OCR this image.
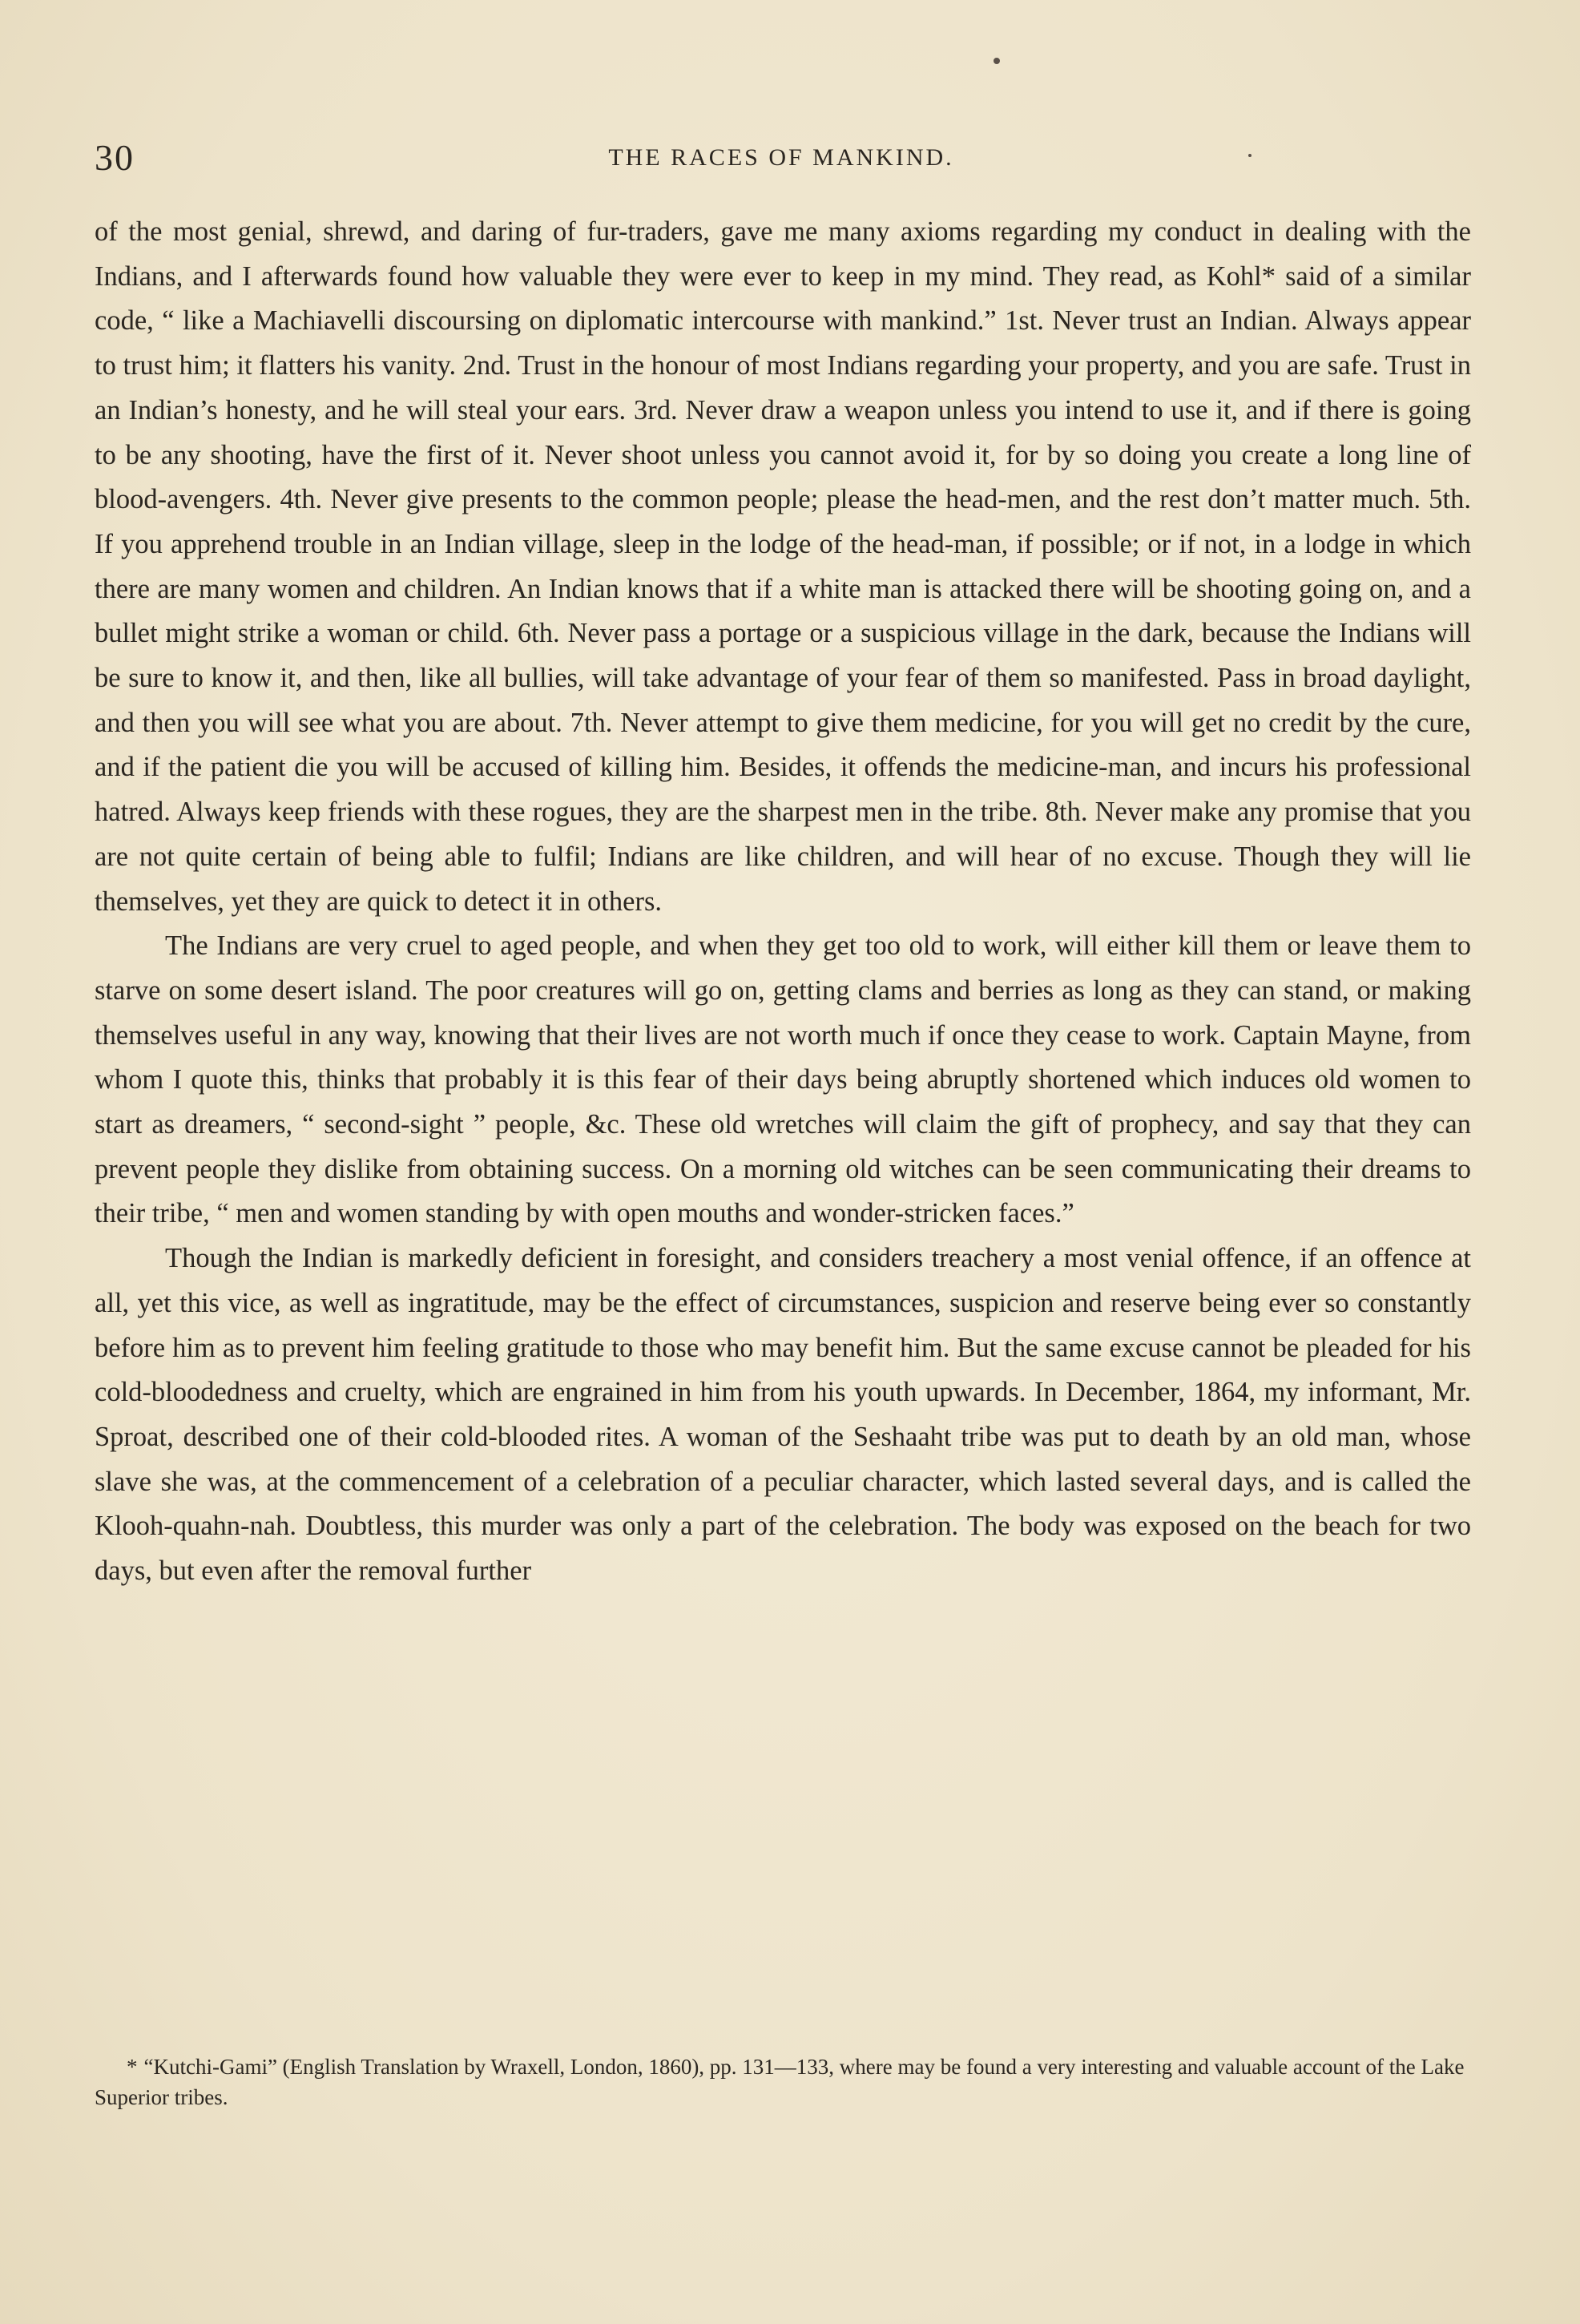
30	THE RACES OF MANKIND.

of the most genial, shrewd, and daring of fur-traders, gave me many axioms regarding my conduct in dealing with the Indians, and I afterwards found how valuable they were ever to keep in my mind. They read, as Kohl* said of a similar code, “ like a Machiavelli discoursing on diplomatic intercourse with mankind.” 1st. Never trust an Indian. Always appear to trust him; it flatters his vanity. 2nd. Trust in the honour of most Indians regarding your property, and you are safe. Trust in an Indian’s honesty, and he will steal your ears. 3rd. Never draw a weapon unless you intend to use it, and if there is going to be any shooting, have the first of it. Never shoot unless you cannot avoid it, for by so doing you create a long line of blood-avengers. 4th. Never give presents to the common people; please the head-men, and the rest don’t matter much. 5th. If you apprehend trouble in an Indian village, sleep in the lodge of the head-man, if possible; or if not, in a lodge in which there are many women and children. An Indian knows that if a white man is attacked there will be shooting going on, and a bullet might strike a woman or child. 6th. Never pass a portage or a suspicious village in the dark, because the Indians will be sure to know it, and then, like all bullies, will take advantage of your fear of them so manifested. Pass in broad daylight, and then you will see what you are about. 7th. Never attempt to give them medicine, for you will get no credit by the cure, and if the patient die you will be accused of killing him. Besides, it offends the medicine-man, and incurs his professional hatred. Always keep friends with these rogues, they are the sharpest men in the tribe. 8th. Never make any promise that you are not quite certain of being able to fulfil; Indians are like children, and will hear of no excuse. Though they will lie themselves, yet they are quick to detect it in others.

The Indians are very cruel to aged people, and when they get too old to work, will either kill them or leave them to starve on some desert island. The poor creatures will go on, getting clams and berries as long as they can stand, or making themselves useful in any way, knowing that their lives are not worth much if once they cease to work. Captain Mayne, from whom I quote this, thinks that probably it is this fear of their days being abruptly shortened which induces old women to start as dreamers, “ second-sight ” people, &c. These old wretches will claim the gift of prophecy, and say that they can prevent people they dislike from obtaining success. On a morning old witches can be seen communicating their dreams to their tribe, “ men and women standing by with open mouths and wonder-stricken faces.”

Though the Indian is markedly deficient in foresight, and considers treachery a most venial offence, if an offence at all, yet this vice, as well as ingratitude, may be the effect of circumstances, suspicion and reserve being ever so constantly before him as to prevent him feeling gratitude to those who may benefit him. But the same excuse cannot be pleaded for his cold-bloodedness and cruelty, which are engrained in him from his youth upwards. In December, 1864, my informant, Mr. Sproat, described one of their cold-blooded rites. A woman of the Seshaaht tribe was put to death by an old man, whose slave she was, at the commencement of a celebration of a peculiar character, which lasted several days, and is called the Klooh-quahn-nah. Doubtless, this murder was only a part of the celebration. The body was exposed on the beach for two days, but even after the removal further

* “Kutchi-Gami” (English Translation by Wraxell, London, 1860), pp. 131—133, where may be found a very interesting and valuable account of the Lake Superior tribes.
